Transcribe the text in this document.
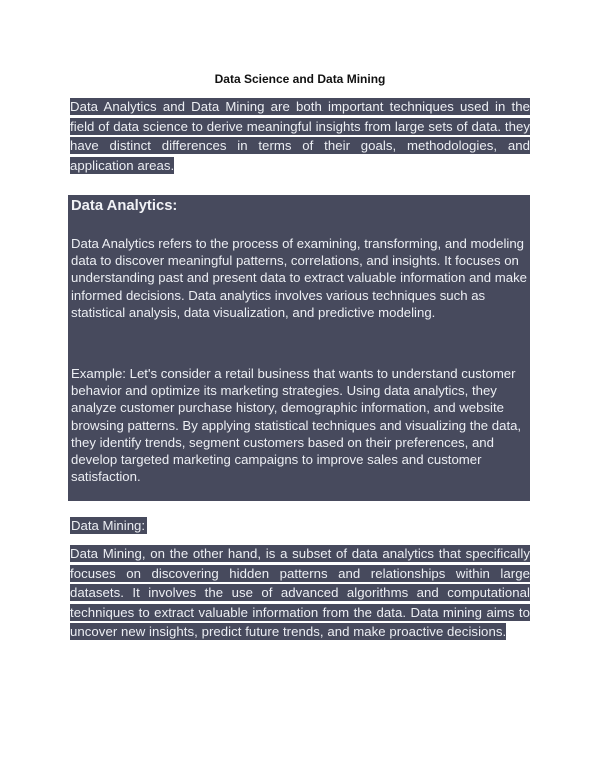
Data Science and Data Mining
Data Analytics and Data Mining are both important techniques used in the field of data science to derive meaningful insights from large sets of data. they have distinct differences in terms of their goals, methodologies, and application areas.
Data Analytics:
Data Analytics refers to the process of examining, transforming, and modeling data to discover meaningful patterns, correlations, and insights. It focuses on understanding past and present data to extract valuable information and make informed decisions. Data analytics involves various techniques such as statistical analysis, data visualization, and predictive modeling.
Example: Let's consider a retail business that wants to understand customer behavior and optimize its marketing strategies. Using data analytics, they analyze customer purchase history, demographic information, and website browsing patterns. By applying statistical techniques and visualizing the data, they identify trends, segment customers based on their preferences, and develop targeted marketing campaigns to improve sales and customer satisfaction.
Data Mining:
Data Mining, on the other hand, is a subset of data analytics that specifically focuses on discovering hidden patterns and relationships within large datasets. It involves the use of advanced algorithms and computational techniques to extract valuable information from the data. Data mining aims to uncover new insights, predict future trends, and make proactive decisions.
